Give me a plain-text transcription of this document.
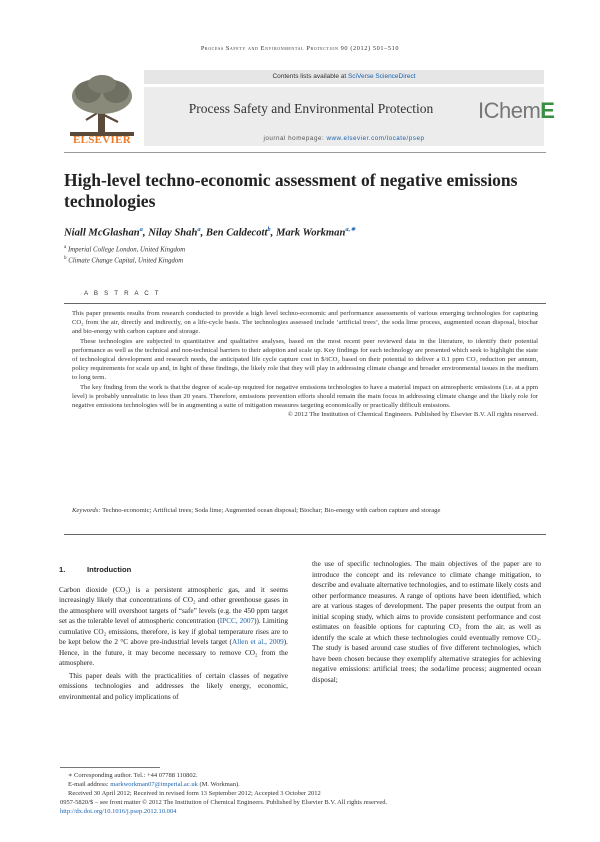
Process Safety and Environmental Protection 90 (2012) 501–510
ELSEVIER
Contents lists available at SciVerse ScienceDirect
Process Safety and Environmental Protection
journal homepage: www.elsevier.com/locate/psep
IChemE
High-level techno-economic assessment of negative emissions technologies
Niall McGlashan$^a$, Nilay Shah$^a$, Ben Caldecott$^b$, Mark Workman$^{a,∗}$
$^a$ Imperial College London, United Kingdom
$^b$ Climate Change Capital, United Kingdom
A B S T R A C T

This paper presents results from research conducted to provide a high level techno-economic and performance assessments of various emerging technologies for capturing CO₂ from the air, directly and indirectly, on a life-cycle basis. The technologies assessed include ‘artificial trees’, the soda lime process, augmented ocean disposal, biochar and bio-energy with carbon capture and storage.

These technologies are subjected to quantitative and qualitative analyses, based on the most recent peer reviewed data in the literature, to identify their potential performance as well as the technical and non-technical barriers to their adoption and scale up. Key findings for each technology are presented which seek to highlight the state of technological development and research needs, the anticipated life cycle capture cost in $/tCO₂ based on their potential to deliver a 0.1 ppm CO₂ reduction per annum, policy requirements for scale up and, in light of these findings, the likely role that they will play in addressing climate change and broader environmental issues in the medium to long term.

The key finding from the work is that the degree of scale-up required for negative emissions technologies to have a material impact on atmospheric emissions (i.e. at a ppm level) is probably unrealistic in less than 20 years. Therefore, emissions prevention efforts should remain the main focus in addressing climate change and the likely role for negative emissions technologies will be in augmenting a suite of mitigation measures targeting economically or practically difficult emissions.

© 2012 The Institution of Chemical Engineers. Published by Elsevier B.V. All rights reserved.

Keywords: Techno-economic; Artificial trees; Soda lime; Augmented ocean disposal; Biochar; Bio-energy with carbon capture and storage
1.	Introduction

Carbon dioxide (CO₂) is a persistent atmospheric gas, and it seems increasingly likely that concentrations of CO₂ and other greenhouse gases in the atmosphere will overshoot targets of “safe” levels (e.g. the 450 ppm target set as the tolerable level of atmospheric concentration (IPCC, 2007)). Limiting cumulative CO₂ emissions, therefore, is key if global temperature rises are to be kept below the 2 °C above pre-industrial levels target (Allen et al., 2009). Hence, in the future, it may become necessary to remove CO₂ from the atmosphere.

This paper deals with the practicalities of certain classes of negative emissions technologies and addresses the likely energy, economic, environmental and policy implications of

the use of specific technologies. The main objectives of the paper are to introduce the concept and its relevance to climate change mitigation, to describe and evaluate alternative technologies, and to estimate likely costs and other performance measures. A range of options have been identified, which are at various stages of development. The paper presents the output from an initial scoping study, which aims to provide consistent performance and cost estimates on feasible options for capturing CO₂ from the air, as well as identify the scale at which these technologies could eventually remove CO₂. The study is based around case studies of five different technologies, which have been chosen because they exemplify alternative strategies for achieving negative emissions: artificial trees; the soda/lime process; augmented ocean disposal;

∗ Corresponding author. Tel.: +44 07788 110802.
E-mail address: markworkman07@imperial.ac.uk (M. Workman).
Received 30 April 2012; Received in revised form 13 September 2012; Accepted 3 October 2012
0957-5820/$ – see front matter © 2012 The Institution of Chemical Engineers. Published by Elsevier B.V. All rights reserved.
http://dx.doi.org/10.1016/j.psep.2012.10.004
